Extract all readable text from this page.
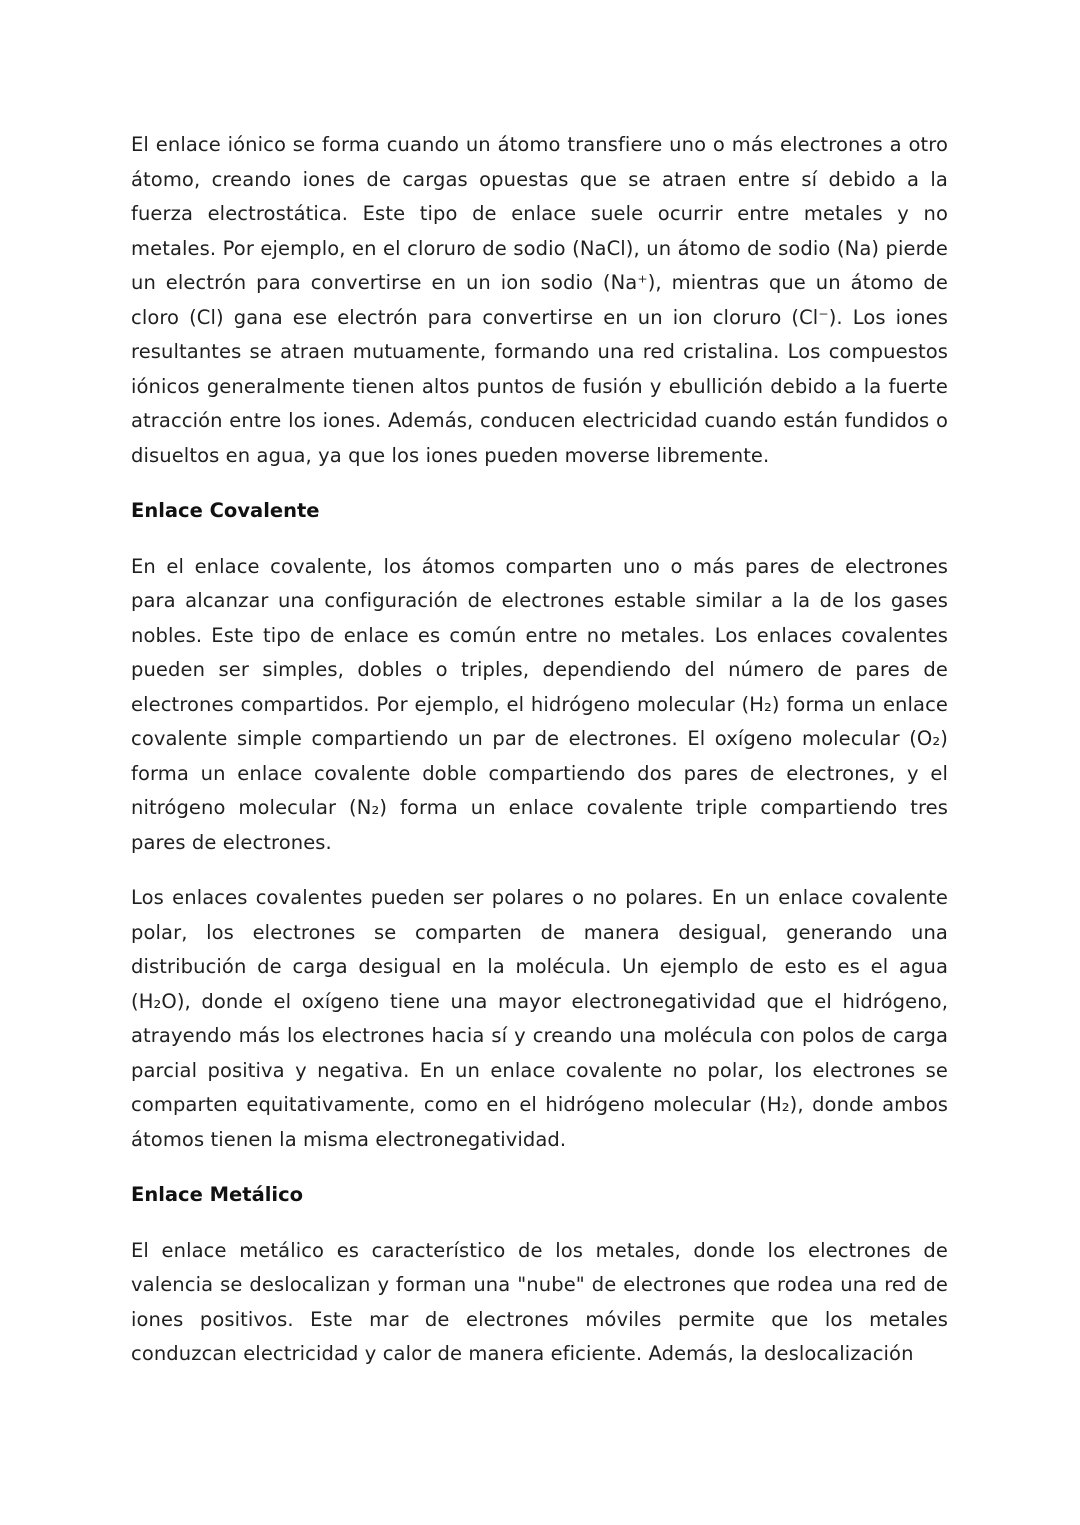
El enlace iónico se forma cuando un átomo transfiere uno o más electrones a otro átomo, creando iones de cargas opuestas que se atraen entre sí debido a la fuerza electrostática. Este tipo de enlace suele ocurrir entre metales y no metales. Por ejemplo, en el cloruro de sodio (NaCl), un átomo de sodio (Na) pierde un electrón para convertirse en un ion sodio (Na⁺), mientras que un átomo de cloro (Cl) gana ese electrón para convertirse en un ion cloruro (Cl⁻). Los iones resultantes se atraen mutuamente, formando una red cristalina. Los compuestos iónicos generalmente tienen altos puntos de fusión y ebullición debido a la fuerte atracción entre los iones. Además, conducen electricidad cuando están fundidos o disueltos en agua, ya que los iones pueden moverse libremente.

Enlace Covalente

En el enlace covalente, los átomos comparten uno o más pares de electrones para alcanzar una configuración de electrones estable similar a la de los gases nobles. Este tipo de enlace es común entre no metales. Los enlaces covalentes pueden ser simples, dobles o triples, dependiendo del número de pares de electrones compartidos. Por ejemplo, el hidrógeno molecular (H₂) forma un enlace covalente simple compartiendo un par de electrones. El oxígeno molecular (O₂) forma un enlace covalente doble compartiendo dos pares de electrones, y el nitrógeno molecular (N₂) forma un enlace covalente triple compartiendo tres pares de electrones.

Los enlaces covalentes pueden ser polares o no polares. En un enlace covalente polar, los electrones se comparten de manera desigual, generando una distribución de carga desigual en la molécula. Un ejemplo de esto es el agua (H₂O), donde el oxígeno tiene una mayor electronegatividad que el hidrógeno, atrayendo más los electrones hacia sí y creando una molécula con polos de carga parcial positiva y negativa. En un enlace covalente no polar, los electrones se comparten equitativamente, como en el hidrógeno molecular (H₂), donde ambos átomos tienen la misma electronegatividad.

Enlace Metálico

El enlace metálico es característico de los metales, donde los electrones de valencia se deslocalizan y forman una "nube" de electrones que rodea una red de iones positivos. Este mar de electrones móviles permite que los metales conduzcan electricidad y calor de manera eficiente. Además, la deslocalización
